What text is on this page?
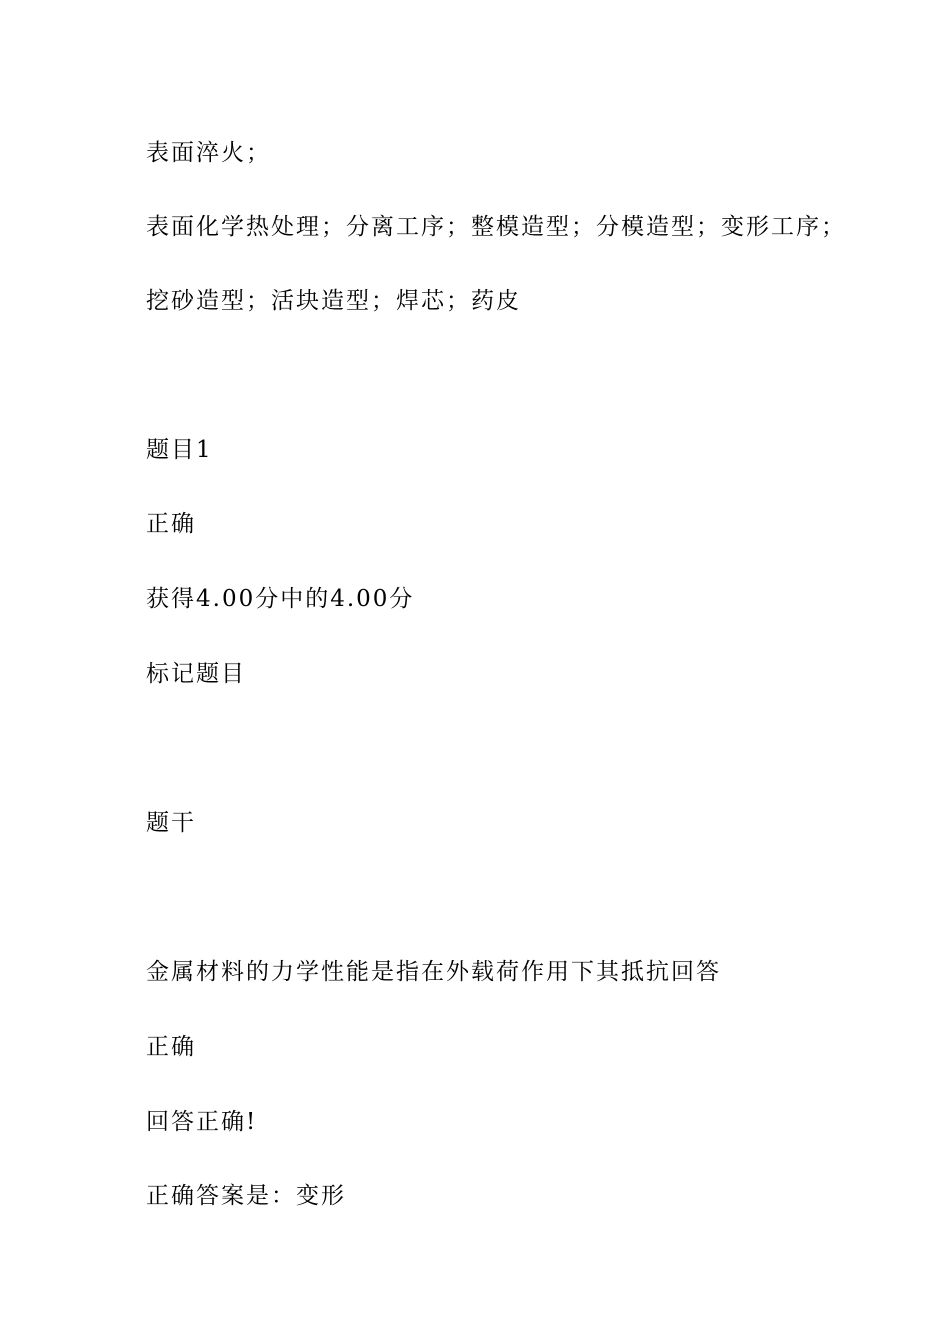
表面淬火；

表面化学热处理；分离工序；整模造型；分模造型；变形工序；

挖砂造型；活块造型；焊芯；药皮

题目1

正确

获得4.00分中的4.00分

标记题目

题干

金属材料的力学性能是指在外载荷作用下其抵抗回答

正确

回答正确!

正确答案是：变形
